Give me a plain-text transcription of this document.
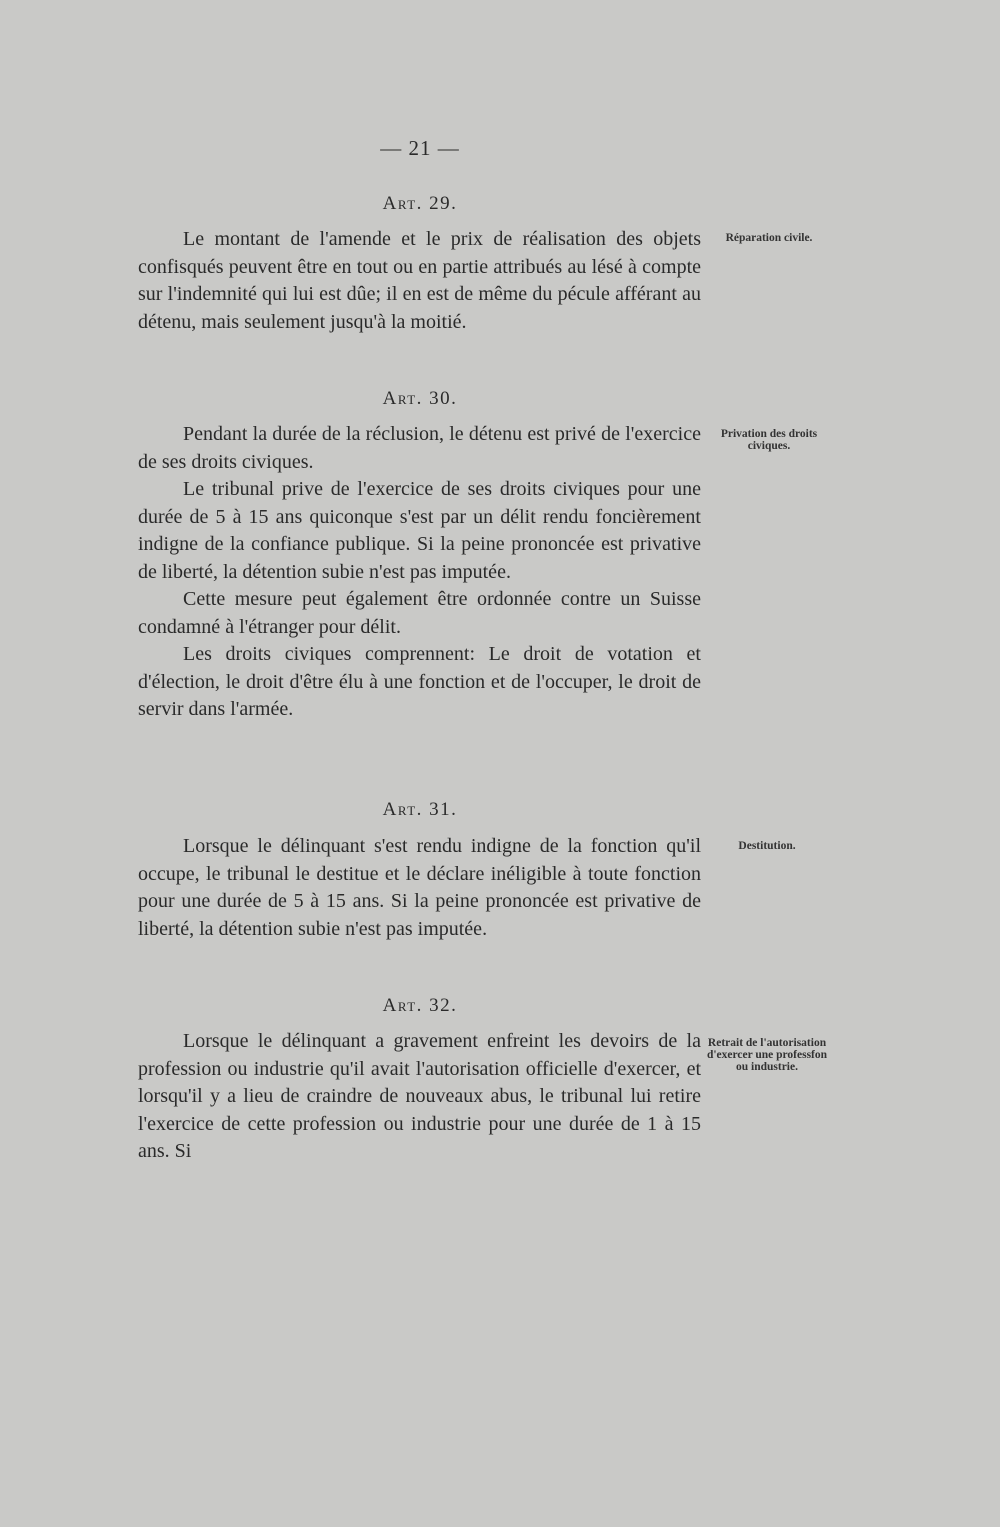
— 21 —
Art. 29.
Réparation civile.

Le montant de l'amende et le prix de réalisation des objets confisqués peuvent être en tout ou en partie attribués au lésé à compte sur l'indemnité qui lui est dûe; il en est de même du pécule afférant au détenu, mais seulement jusqu'à la moitié.

Art. 30.
Privation des droits civiques.

Pendant la durée de la réclusion, le détenu est privé de l'exercice de ses droits civiques.

Le tribunal prive de l'exercice de ses droits civiques pour une durée de 5 à 15 ans quiconque s'est par un délit rendu foncièrement indigne de la confiance publique. Si la peine prononcée est privative de liberté, la détention subie n'est pas imputée.

Cette mesure peut également être ordonnée contre un Suisse condamné à l'étranger pour délit.

Les droits civiques comprennent: Le droit de votation et d'élection, le droit d'être élu à une fonction et de l'occuper, le droit de servir dans l'armée.

Art. 31.
Destitution.

Lorsque le délinquant s'est rendu indigne de la fonction qu'il occupe, le tribunal le destitue et le déclare inéligible à toute fonction pour une durée de 5 à 15 ans. Si la peine prononcée est privative de liberté, la détention subie n'est pas imputée.

Art. 32.
Retrait de l'autorisation d'exercer une professfon ou industrie.

Lorsque le délinquant a gravement enfreint les devoirs de la profession ou industrie qu'il avait l'autorisation officielle d'exercer, et lorsqu'il y a lieu de craindre de nouveaux abus, le tribunal lui retire l'exercice de cette profession ou industrie pour une durée de 1 à 15 ans. Si
